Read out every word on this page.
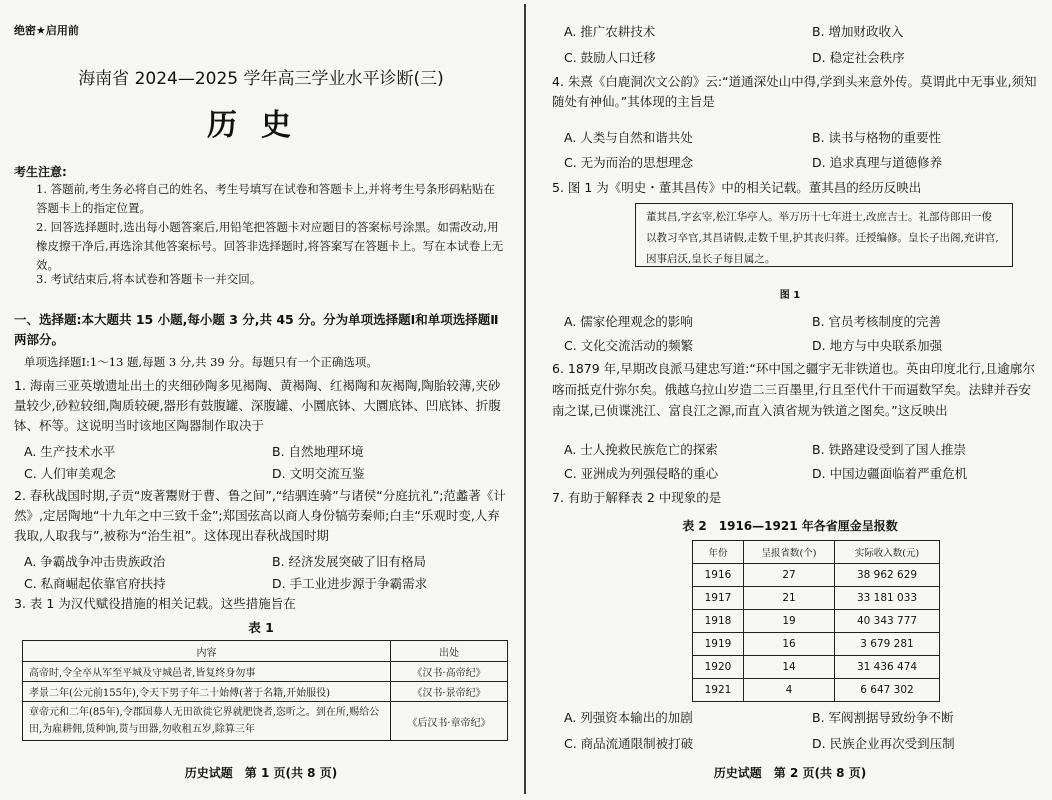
绝密★启用前
海南省 2024—2025 学年高三学业水平诊断(三)
历史
考生注意:
1. 答题前,考生务必将自己的姓名、考生号填写在试卷和答题卡上,并将考生号条形码粘贴在答题卡上的指定位置。
2. 回答选择题时,选出每小题答案后,用铅笔把答题卡对应题目的答案标号涂黑。如需改动,用橡皮擦干净后,再选涂其他答案标号。回答非选择题时,将答案写在答题卡上。写在本试卷上无效。
3. 考试结束后,将本试卷和答题卡一并交回。
一、选择题:本大题共 15 小题,每小题 3 分,共 45 分。分为单项选择题Ⅰ和单项选择题Ⅱ两部分。
单项选择题Ⅰ:1～13 题,每题 3 分,共 39 分。每题只有一个正确选项。
1. 海南三亚英墩遗址出土的夹细砂陶多见褐陶、黄褐陶、红褐陶和灰褐陶,陶胎较薄,夹砂量较少,砂粒较细,陶质较硬,器形有鼓腹罐、深腹罐、小圜底钵、大圜底钵、凹底钵、折腹钵、杯等。这说明当时该地区陶器制作取决于
A. 生产技术水平	B. 自然地理环境
C. 人们审美观念	D. 文明交流互鉴
2. 春秋战国时期,子贡“废著鬻财于曹、鲁之间”,“结驷连骑”与诸侯“分庭抗礼”;范蠡著《计然》,定居陶地“十九年之中三致千金”;郑国弦高以商人身份犒劳秦师;白圭“乐观时变,人弃我取,人取我与”,被称为“治生祖”。这体现出春秋战国时期
A. 争霸战争冲击贵族政治	B. 经济发展突破了旧有格局
C. 私商崛起依靠官府扶持	D. 手工业进步源于争霸需求
3. 表 1 为汉代赋役措施的相关记载。这些措施旨在
表 1
内容	出处
高帝时,令全卒从军至平城及守城邑者,皆复终身勿事	《汉书·高帝纪》
孝景二年(公元前155年),令天下男子年二十始傅(著于名籍,开始服役)	《汉书·景帝纪》
章帝元和二年(85年),令郡国募人无田欲徙它界就肥饶者,恣听之。到在所,赐给公田,为雇耕佣,赁种饷,贳与田器,勿收租五岁,除算三年	《后汉书·章帝纪》
历史试题　第 1 页(共 8 页)
A. 推广农耕技术	B. 增加财政收入
C. 鼓励人口迁移	D. 稳定社会秩序
4. 朱熹《白鹿洞次文公韵》云:“道通深处山中得,学到头来意外传。莫谓此中无事业,须知随处有神仙。”其体现的主旨是
A. 人类与自然和谐共处	B. 读书与格物的重要性
C. 无为而治的思想理念	D. 追求真理与道德修养
5. 图 1 为《明史・董其昌传》中的相关记载。董其昌的经历反映出
董其昌,字玄宰,松江华亭人。举万历十七年进士,改庶吉士。礼部侍郎田一俊以教习卒官,其昌请假,走数千里,护其丧归葬。迁授编修。皇长子出阁,充讲官,因事启沃,皇长子每目属之。
图 1
A. 儒家伦理观念的影响	B. 官员考核制度的完善
C. 文化交流活动的频繁	D. 地方与中央联系加强
6. 1879 年,早期改良派马建忠写道:“环中国之疆宇无非铁道也。英由印度北行,且逾廓尔喀而抵克什弥尔矣。俄越乌拉山岁造二三百墨里,行且至代什干而逼数罕矣。法肆并吞安南之谋,已侦谍洮江、富良江之源,而直入滇省规为铁道之图矣。”这反映出
A. 士人挽救民族危亡的探索	B. 铁路建设受到了国人推崇
C. 亚洲成为列强侵略的重心	D. 中国边疆面临着严重危机
7. 有助于解释表 2 中现象的是
表 2　1916—1921 年各省厘金呈报数
年份	呈报省数(个)	实际收入数(元)
1916	27	38 962 629
1917	21	33 181 033
1918	19	40 343 777
1919	16	3 679 281
1920	14	31 436 474
1921	4	6 647 302
A. 列强资本输出的加剧	B. 军阀割据导致纷争不断
C. 商品流通限制被打破	D. 民族企业再次受到压制
历史试题　第 2 页(共 8 页)
